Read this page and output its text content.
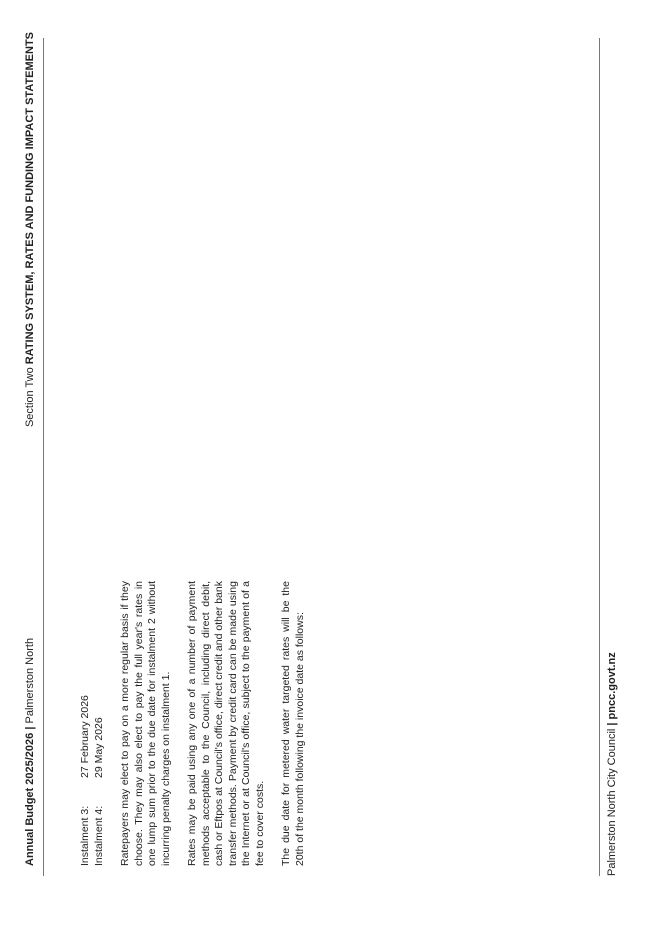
Annual Budget 2025/2026 | Palmerston North
Section Two RATING SYSTEM, RATES AND FUNDING IMPACT STATEMENTS
Instalment 3:
27 February 2026
Instalment 4:
29 May 2026 Ratepayers may elect to pay on a more regular basis if they choose. They may also elect to pay the full year's rates in one lump sum prior to the due date for instalment 2 without incurring penalty charges on instalment 1. Rates may be paid using any one of a number of payment methods acceptable to the Council, including direct debit, cash or Eftpos at Council's office, direct credit and other bank transfer methods. Payment by credit card can be made using the Internet or at Council's office, subject to the payment of a fee to cover costs. The due date for metered water targeted rates will be the 20th of the month following the invoice date as follows:	Palmerston North City Council | pncc.govt.nz
